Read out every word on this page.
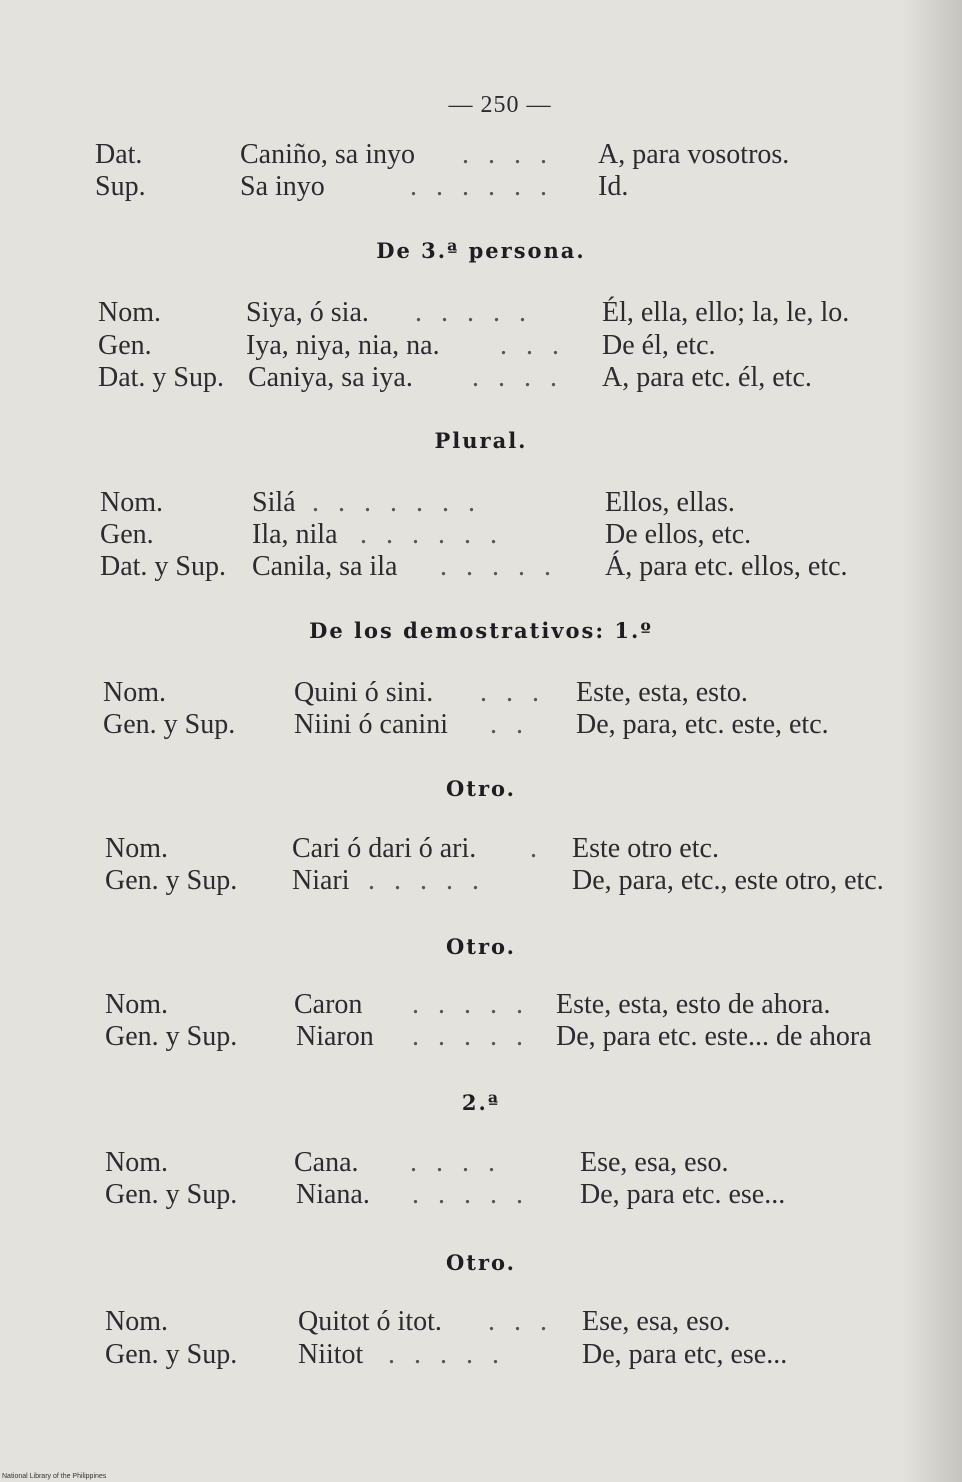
— 250 —
Dat.	Caniño, sa inyo . . . . A, para vosotros.
Sup.	Sa inyo	. . . . . . Id.
De 3.ª persona.
Nom.	Siya, ó sia. . . . . .	Él, ella, ello; la, le, lo.
Gen.	Iya, niya, nia, na. . . . De él, etc.
Dat. y Sup. Caniya, sa iya. . . . . A, para etc. él, etc.
Plural.
Nom.	Silá . . . . . . .	Ellos, ellas.
Gen.	Ila, nila . . . . . .	De ellos, etc.
Dat. y Sup. Canila, sa ila . . . . . Á, para etc. ellos, etc.
De los demostrativos: 1.º
Nom.	Quini ó sini. . . . Este, esta, esto.
Gen. y Sup. Niini ó canini . . De, para, etc. este, etc.
Otro.
Nom.	Cari ó dari ó ari. . Este otro etc.
Gen. y Sup. Niari . . . . .	De, para, etc., este otro, etc.
Otro.
Nom.	Caron . . . . . Este, esta, esto de ahora.
Gen. y Sup. Niaron . . . . . De, para etc. este... de ahora
2.ª
Nom.	Cana. . . . .	Ese, esa, eso.
Gen. y Sup. Niana. . . . . . De, para etc. ese...
Otro.
Nom.	Quitot ó itot. . . . Ese, esa, eso.
Gen. y Sup. Niitot . . . . .	De, para etc, ese...
National Library of the Philippines
